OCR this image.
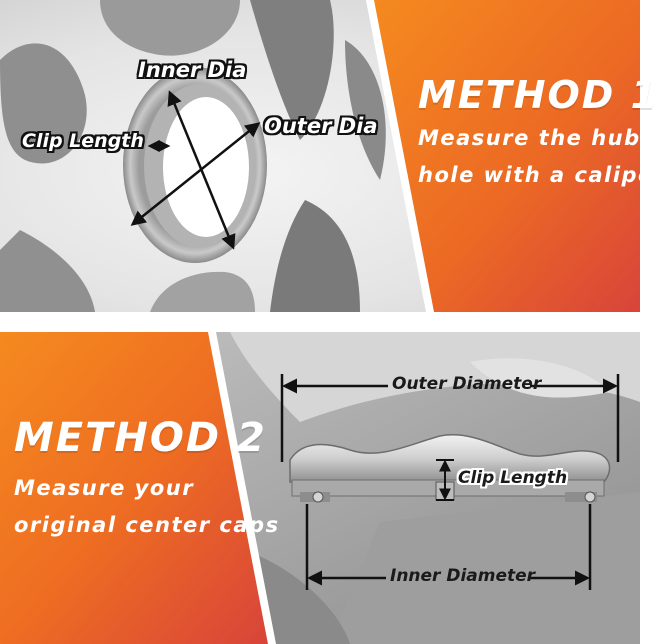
Inner Dia
Outer Dia
Clip Length
METHOD 1
Measure the hub
hole with a caliper
METHOD 2
Measure your
original center caps
Outer Diameter
Inner Diameter
Clip Length
